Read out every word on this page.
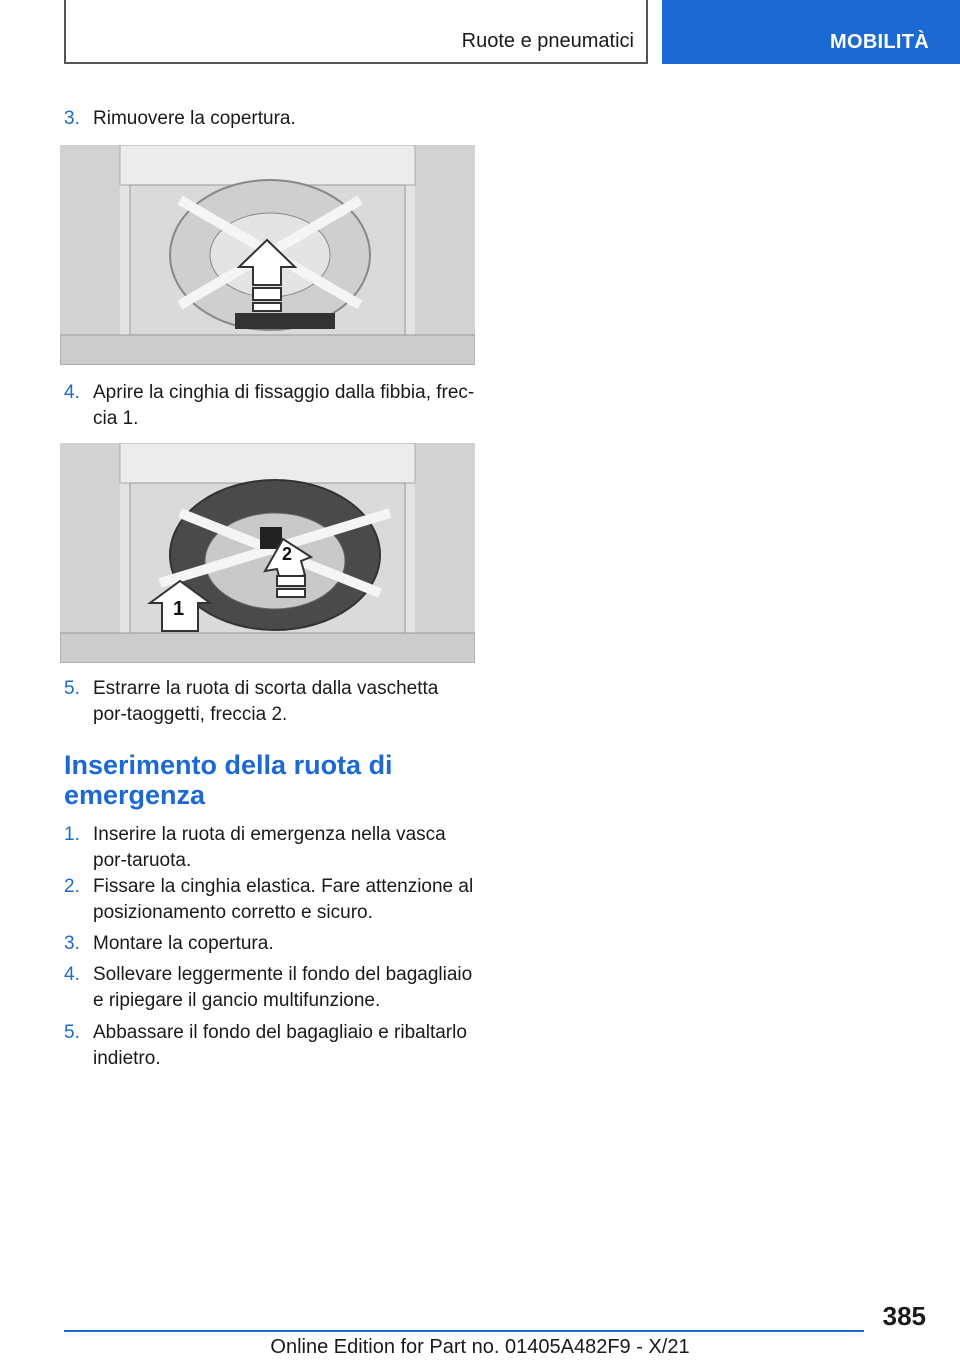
Ruote e pneumatici	MOBILITÀ
3. Rimuovere la copertura.
4. Aprire la cinghia di fissaggio dalla fibbia, frec-cia 1.
5. Estrarre la ruota di scorta dalla vaschetta por-taoggetti, freccia 2.
1. Inserire la ruota di emergenza nella vasca por-taruota.
2. Fissare la cinghia elastica. Fare attenzione al posizionamento corretto e sicuro.
3. Montare la copertura.
4. Sollevare leggermente il fondo del bagagliaio e ripiegare il gancio multifunzione.
5. Abbassare il fondo del bagagliaio e ribaltarlo indietro.
2
1
Inserimento della ruota di emergenza
385
Online Edition for Part no. 01405A482F9 - X/21
